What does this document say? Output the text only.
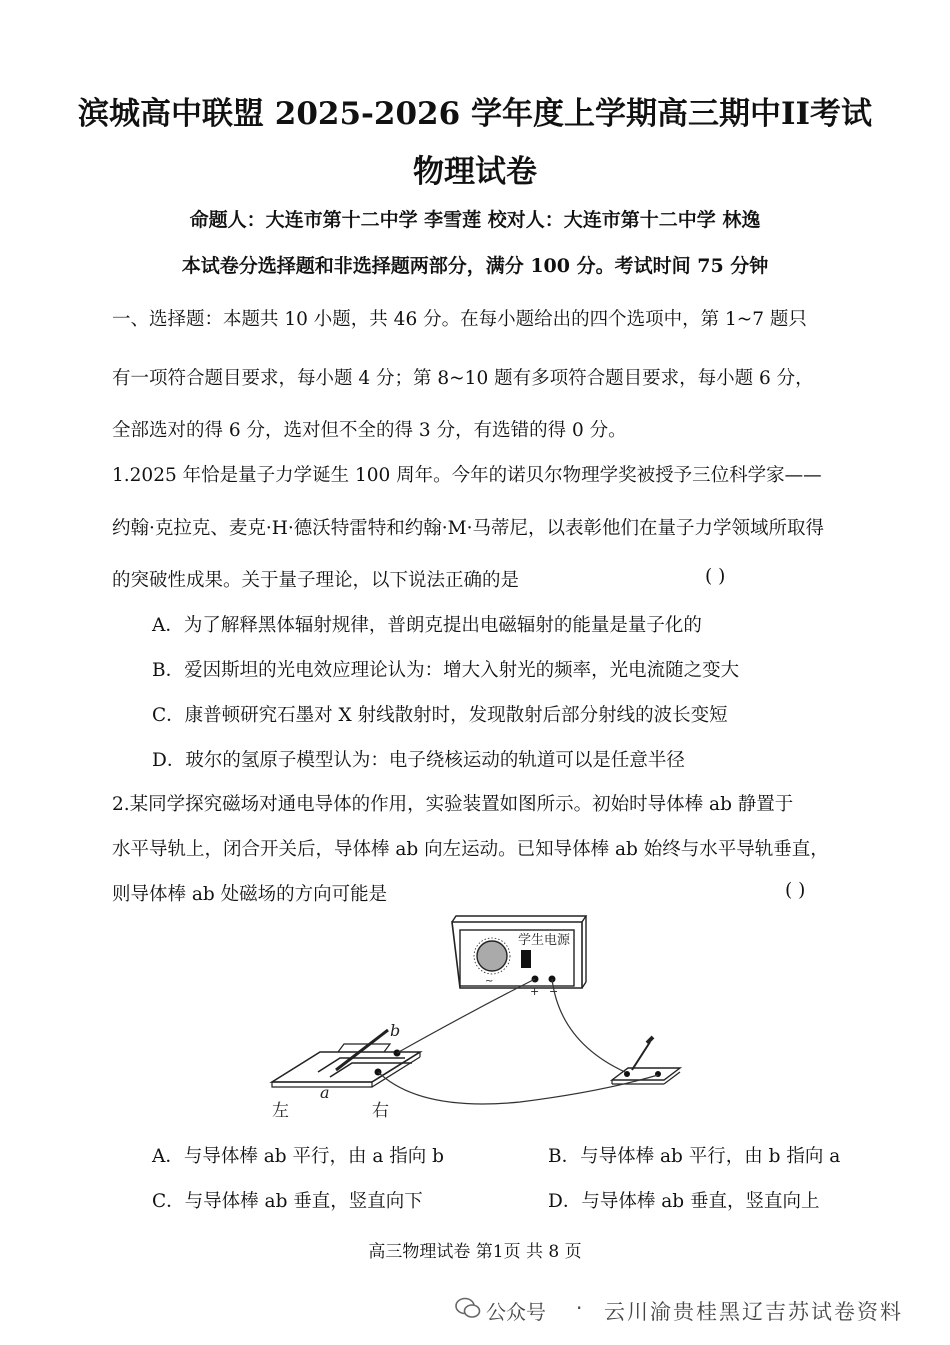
滨城高中联盟 2025-2026 学年度上学期高三期中II考试
物理试卷
命题人：大连市第十二中学 李雪莲 校对人：大连市第十二中学 林逸
本试卷分选择题和非选择题两部分，满分 100 分。考试时间 75 分钟
一、选择题：本题共 10 小题，共 46 分。在每小题给出的四个选项中，第 1~7 题只
有一项符合题目要求，每小题 4 分；第 8~10 题有多项符合题目要求，每小题 6 分，
全部选对的得 6 分，选对但不全的得 3 分，有选错的得 0 分。
1.2025 年恰是量子力学诞生 100 周年。今年的诺贝尔物理学奖被授予三位科学家——
约翰·克拉克、麦克·H·德沃特雷特和约翰·M·马蒂尼，以表彰他们在量子力学领域所取得
的突破性成果。关于量子理论，以下说法正确的是	( )
A．为了解释黑体辐射规律，普朗克提出电磁辐射的能量是量子化的
B．爱因斯坦的光电效应理论认为：增大入射光的频率，光电流随之变大
C．康普顿研究石墨对 X 射线散射时，发现散射后部分射线的波长变短
D．玻尔的氢原子模型认为：电子绕核运动的轨道可以是任意半径
2.某同学探究磁场对通电导体的作用，实验装置如图所示。初始时导体棒 ab 静置于
水平导轨上，闭合开关后，导体棒 ab 向左运动。已知导体棒 ab 始终与水平导轨垂直，
则导体棒 ab 处磁场的方向可能是	( )
学生电源
~
+ −
b
a
左	右
A．与导体棒 ab 平行，由 a 指向 b	B．与导体棒 ab 平行，由 b 指向 a
C．与导体棒 ab 垂直，竖直向下	D．与导体棒 ab 垂直，竖直向上
高三物理试卷 第1页 共 8 页
公众号 · 云川渝贵桂黑辽吉苏试卷资料
